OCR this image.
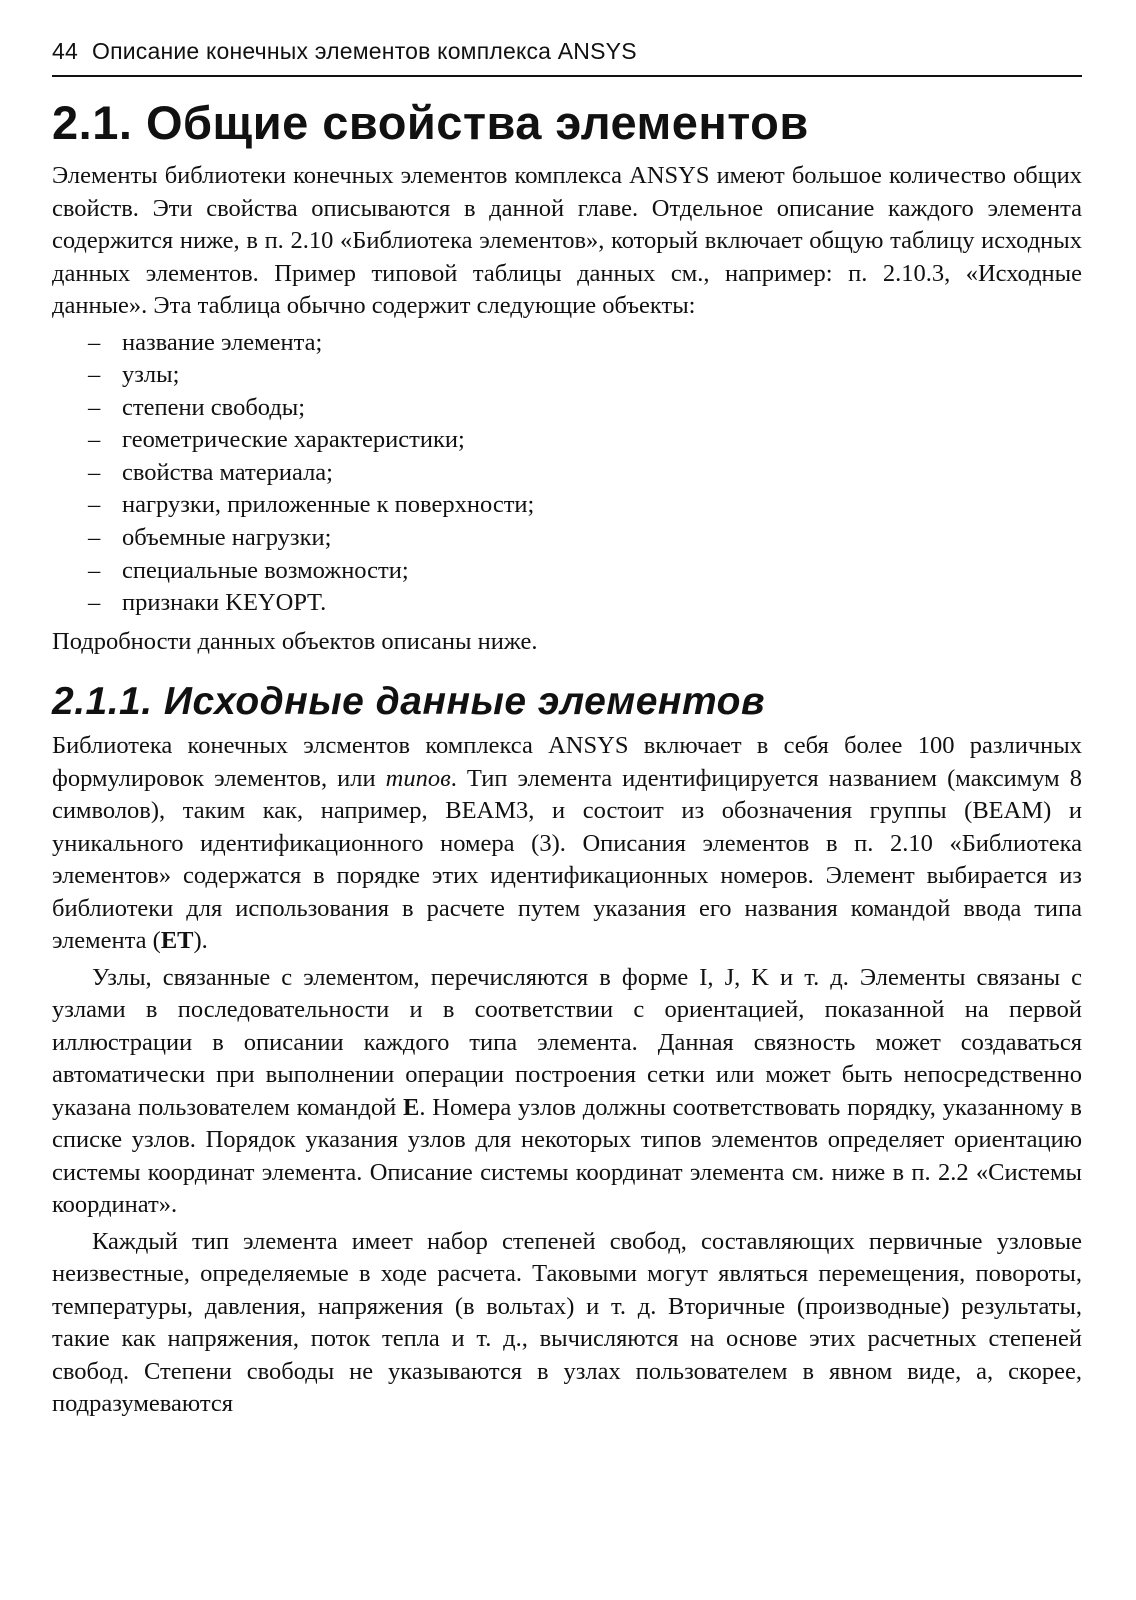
44 Описание конечных элементов комплекса ANSYS
2.1. Общие свойства элементов

Элементы библиотеки конечных элементов комплекса ANSYS имеют большое количество общих свойств. Эти свойства описываются в данной главе. Отдельное описание каждого элемента содержится ниже, в п. 2.10 «Библиотека элементов», который включает общую таблицу исходных данных элементов. Пример типовой таблицы данных см., например: п. 2.10.3, «Исходные данные». Эта таблица обычно содержит следующие объекты:

– название элемента;
– узлы;
– степени свободы;
– геометрические характеристики;
– свойства материала;
– нагрузки, приложенные к поверхности;
– объемные нагрузки;
– специальные возможности;
– признаки KEYOPT.

Подробности данных объектов описаны ниже.

2.1.1. Исходные данные элементов

Библиотека конечных элсментов комплекса ANSYS включает в себя более 100 различных формулировок элементов, или типов. Тип элемента идентифицируется названием (максимум 8 символов), таким как, например, BEAM3, и состоит из обозначения группы (BEAM) и уникального идентификационного номера (3). Описания элементов в п. 2.10 «Библиотека элементов» содержатся в порядке этих идентификационных номеров. Элемент выбирается из библиотеки для использования в расчете путем указания его названия командой ввода типа элемента (ET).

Узлы, связанные с элементом, перечисляются в форме I, J, K и т. д. Элементы связаны с узлами в последовательности и в соответствии с ориентацией, показанной на первой иллюстрации в описании каждого типа элемента. Данная связность может создаваться автоматически при выполнении операции построения сетки или может быть непосредственно указана пользователем командой E. Номера узлов должны соответствовать порядку, указанному в списке узлов. Порядок указания узлов для некоторых типов элементов определяет ориентацию системы координат элемента. Описание системы координат элемента см. ниже в п. 2.2 «Системы координат».

Каждый тип элемента имеет набор степеней свобод, составляющих первичные узловые неизвестные, определяемые в ходе расчета. Таковыми могут являться перемещения, повороты, температуры, давления, напряжения (в вольтах) и т. д. Вторичные (производные) результаты, такие как напряжения, поток тепла и т. д., вычисляются на основе этих расчетных степеней свобод. Степени свободы не указываются в узлах пользователем в явном виде, а, скорее, подразумеваются
